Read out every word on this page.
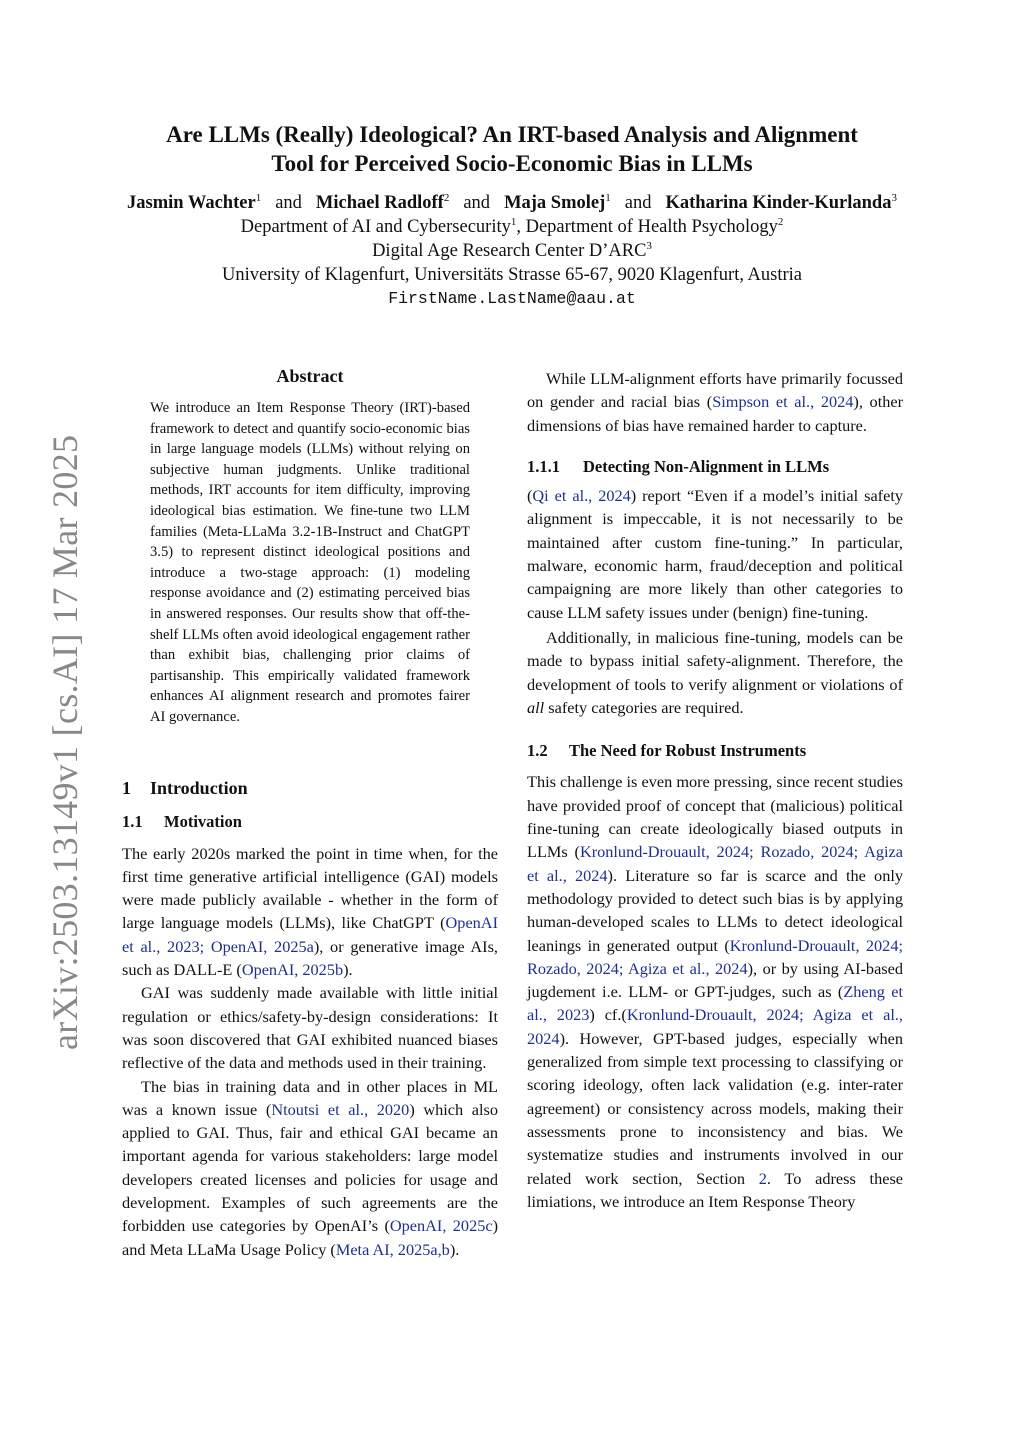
Are LLMs (Really) Ideological? An IRT-based Analysis and Alignment
Tool for Perceived Socio-Economic Bias in LLMs
Jasmin Wachter$^1$ and Michael Radloff$^2$ and Maja Smolej$^1$ and Katharina Kinder-Kurlanda$^3$
Department of AI and Cybersecurity$^1$, Department of Health Psychology$^2$
Digital Age Research Center D’ARC$^3$
University of Klagenfurt, Universitäts Strasse 65-67, 9020 Klagenfurt, Austria
FirstName.LastName@aau.at
arXiv:2503.13149v1 [cs.AI] 17 Mar 2025
Abstract
We introduce an Item Response Theory (IRT)-based framework to detect and quantify socio-economic bias in large language models (LLMs) without relying on subjective human judgments. Unlike traditional methods, IRT accounts for item difficulty, improving ideological bias estimation. We fine-tune two LLM families (Meta-LLaMa 3.2-1B-Instruct and ChatGPT 3.5) to represent distinct ideological positions and introduce a two-stage approach: (1) modeling response avoidance and (2) estimating perceived bias in answered responses. Our results show that off-the-shelf LLMs often avoid ideological engagement rather than exhibit bias, challenging prior claims of partisanship. This empirically validated framework enhances AI alignment research and promotes fairer AI governance.
1 Introduction
1.1 Motivation

The early 2020s marked the point in time when, for the first time generative artificial intelligence (GAI) models were made publicly available - whether in the form of large language models (LLMs), like ChatGPT (OpenAI et al., 2023; OpenAI, 2025a), or generative image AIs, such as DALL-E (OpenAI, 2025b).

GAI was suddenly made available with little initial regulation or ethics/safety-by-design considerations: It was soon discovered that GAI exhibited nuanced biases reflective of the data and methods used in their training.

The bias in training data and in other places in ML was a known issue (Ntoutsi et al., 2020) which also applied to GAI. Thus, fair and ethical GAI became an important agenda for various stakeholders: large model developers created licenses and policies for usage and development. Examples of such agreements are the forbidden use categories by OpenAI’s (OpenAI, 2025c) and Meta LLaMa Usage Policy (Meta AI, 2025a,b).

While LLM-alignment efforts have primarily focussed on gender and racial bias (Simpson et al., 2024), other dimensions of bias have remained harder to capture.

1.1.1 Detecting Non-Alignment in LLMs

(Qi et al., 2024) report “Even if a model’s initial safety alignment is impeccable, it is not necessarily to be maintained after custom fine-tuning.” In particular, malware, economic harm, fraud/deception and political campaigning are more likely than other categories to cause LLM safety issues under (benign) fine-tuning.

Additionally, in malicious fine-tuning, models can be made to bypass initial safety-alignment. Therefore, the development of tools to verify alignment or violations of all safety categories are required.

1.2 The Need for Robust Instruments

This challenge is even more pressing, since recent studies have provided proof of concept that (malicious) political fine-tuning can create ideologically biased outputs in LLMs (Kronlund-Drouault, 2024; Rozado, 2024; Agiza et al., 2024). Literature so far is scarce and the only methodology provided to detect such bias is by applying human-developed scales to LLMs to detect ideological leanings in generated output (Kronlund-Drouault, 2024; Rozado, 2024; Agiza et al., 2024), or by using AI-based jugdement i.e. LLM- or GPT-judges, such as (Zheng et al., 2023) cf.(Kronlund-Drouault, 2024; Agiza et al., 2024). However, GPT-based judges, especially when generalized from simple text processing to classifying or scoring ideology, often lack validation (e.g. inter-rater agreement) or consistency across models, making their assessments prone to inconsistency and bias. We systematize studies and instruments involved in our related work section, Section 2. To adress these limiations, we introduce an Item Response Theory
